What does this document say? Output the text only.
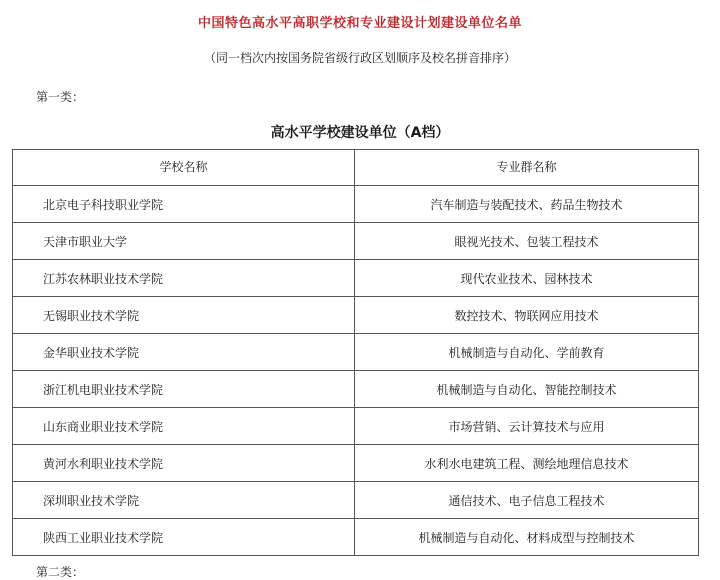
中国特色高水平高职学校和专业建设计划建设单位名单
（同一档次内按国务院省级行政区划顺序及校名拼音排序）
第一类：
高水平学校建设单位（A档）
学校名称	专业群名称
北京电子科技职业学院	汽车制造与装配技术、药品生物技术
天津市职业大学	眼视光技术、包装工程技术
江苏农林职业技术学院	现代农业技术、园林技术
无锡职业技术学院	数控技术、物联网应用技术
金华职业技术学院	机械制造与自动化、学前教育
浙江机电职业技术学院	机械制造与自动化、智能控制技术
山东商业职业技术学院	市场营销、云计算技术与应用
黄河水利职业技术学院	水利水电建筑工程、测绘地理信息技术
深圳职业技术学院	通信技术、电子信息工程技术
陕西工业职业技术学院	机械制造与自动化、材料成型与控制技术
第二类：
